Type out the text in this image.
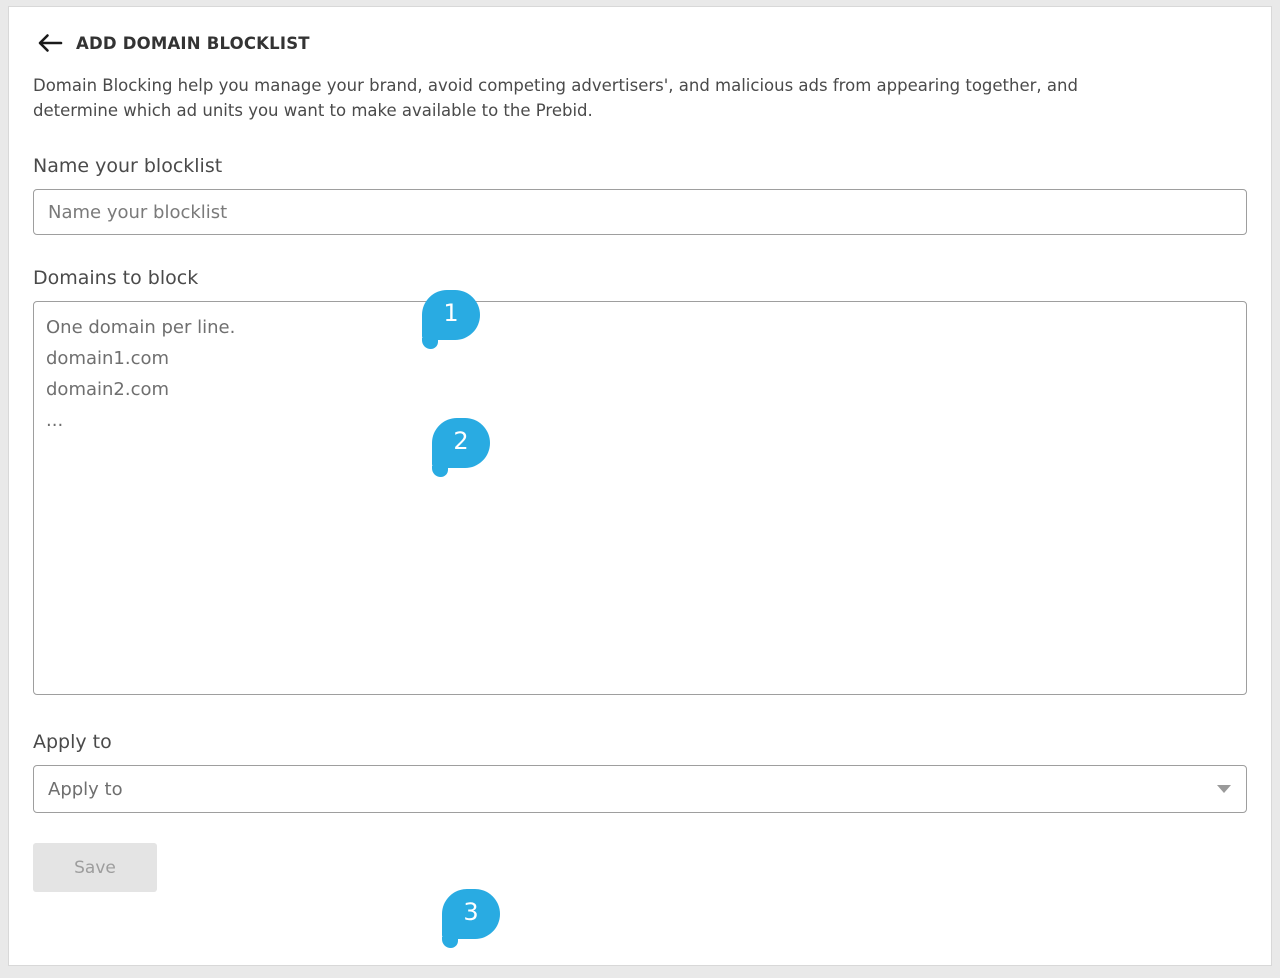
ADD DOMAIN BLOCKLIST
Domain Blocking help you manage your brand, avoid competing advertisers', and malicious ads from appearing together, and determine which ad units you want to make available to the Prebid.
Name your blocklist
Name your blocklist
Domains to block
One domain per line. domain1.com domain2.com ...
Apply to
Apply to
Save
1
2
3
